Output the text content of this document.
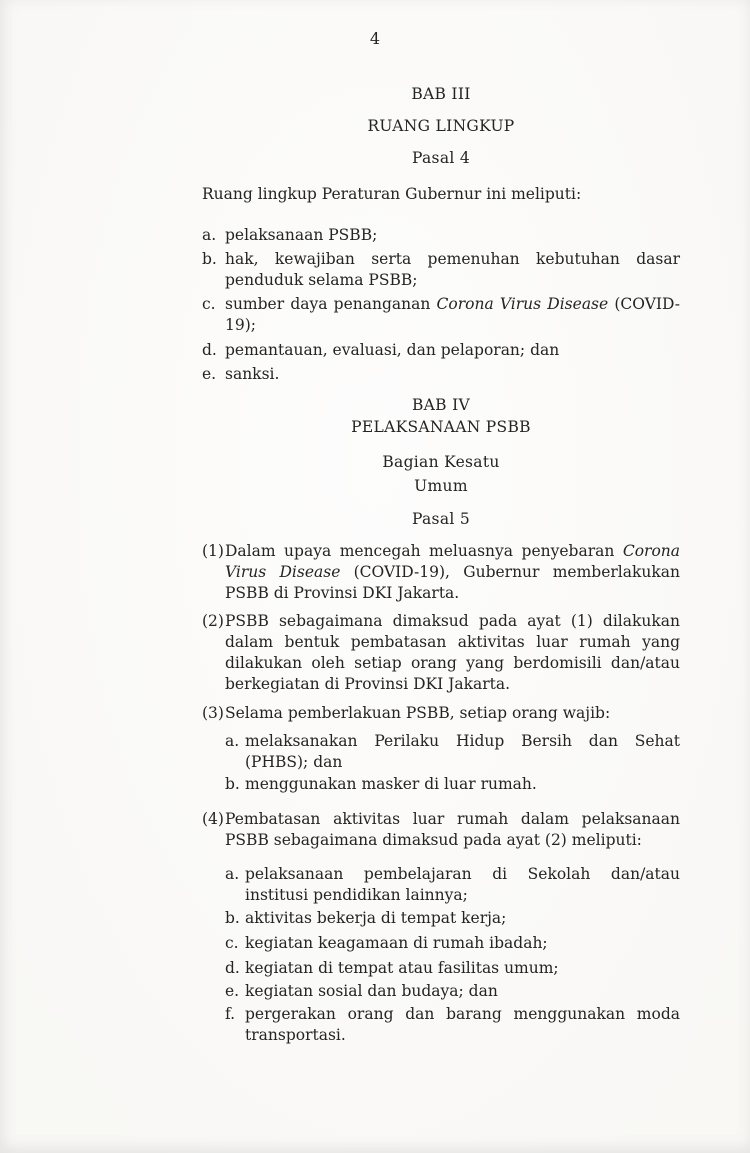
4
BAB III
RUANG LINGKUP
Pasal 4

Ruang lingkup Peraturan Gubernur ini meliputi:

a. pelaksanaan PSBB;
b. hak, kewajiban serta pemenuhan kebutuhan dasar penduduk selama PSBB;
c. sumber daya penanganan Corona Virus Disease (COVID-19);
d. pemantauan, evaluasi, dan pelaporan; dan
e. sanksi.
BAB IV
PELAKSANAAN PSBB
Bagian Kesatu
Umum
Pasal 5
(1) Dalam upaya mencegah meluasnya penyebaran Corona Virus Disease (COVID-19), Gubernur memberlakukan PSBB di Provinsi DKI Jakarta.
(2) PSBB sebagaimana dimaksud pada ayat (1) dilakukan dalam bentuk pembatasan aktivitas luar rumah yang dilakukan oleh setiap orang yang berdomisili dan/atau berkegiatan di Provinsi DKI Jakarta.
(3) Selama pemberlakuan PSBB, setiap orang wajib:
a. melaksanakan Perilaku Hidup Bersih dan Sehat (PHBS); dan
b. menggunakan masker di luar rumah.
(4) Pembatasan aktivitas luar rumah dalam pelaksanaan PSBB sebagaimana dimaksud pada ayat (2) meliputi:
a. pelaksanaan pembelajaran di Sekolah dan/atau institusi pendidikan lainnya;
b. aktivitas bekerja di tempat kerja;
c. kegiatan keagamaan di rumah ibadah;
d. kegiatan di tempat atau fasilitas umum;
e. kegiatan sosial dan budaya; dan
f. pergerakan orang dan barang menggunakan moda transportasi.
